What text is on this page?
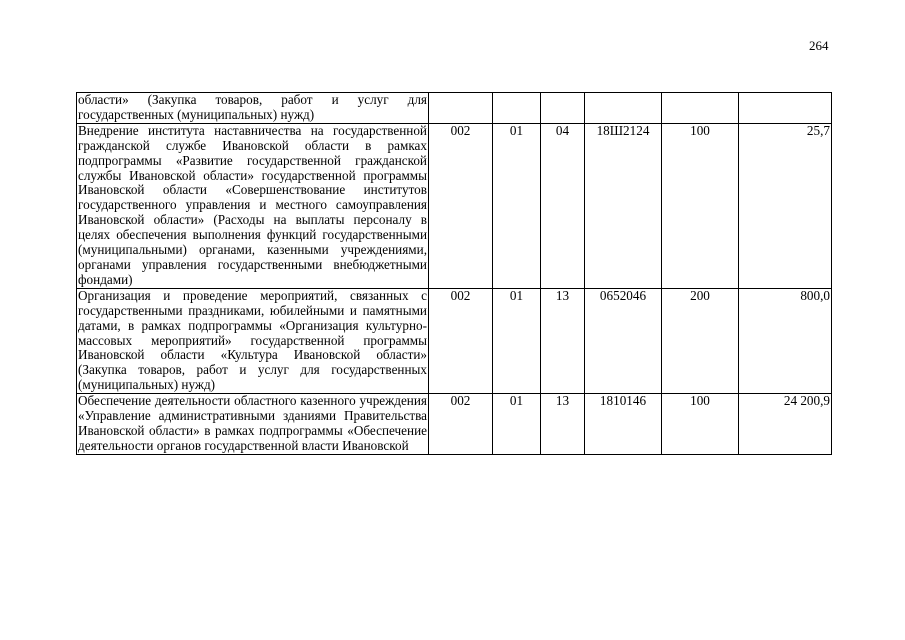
264
области» (Закупка товаров, работ и услуг для государственных (муниципальных) нужд)						
Внедрение института наставничества на государственной гражданской службе Ивановской области в рамках подпрограммы «Развитие государственной гражданской службы Ивановской области» государственной программы Ивановской области «Совершенствование институтов государственного управления и местного самоуправления Ивановской области» (Расходы на выплаты персоналу в целях обеспечения выполнения функций государственными (муниципальными) органами, казенными учреждениями, органами управления государственными внебюджетными фондами)	002	01	04	18Ш2124	100	25,7
Организация и проведение мероприятий, связанных с государственными праздниками, юбилейными и памятными датами, в рамках подпрограммы «Организация культурно-массовых мероприятий» государственной программы Ивановской области «Культура Ивановской области» (Закупка товаров, работ и услуг для государственных (муниципальных) нужд)	002	01	13	0652046	200	800,0
Обеспечение деятельности областного казенного учреждения «Управление административными зданиями Правительства Ивановской области» в рамках подпрограммы «Обеспечение деятельности органов государственной власти Ивановской	002	01	13	1810146	100	24 200,9
